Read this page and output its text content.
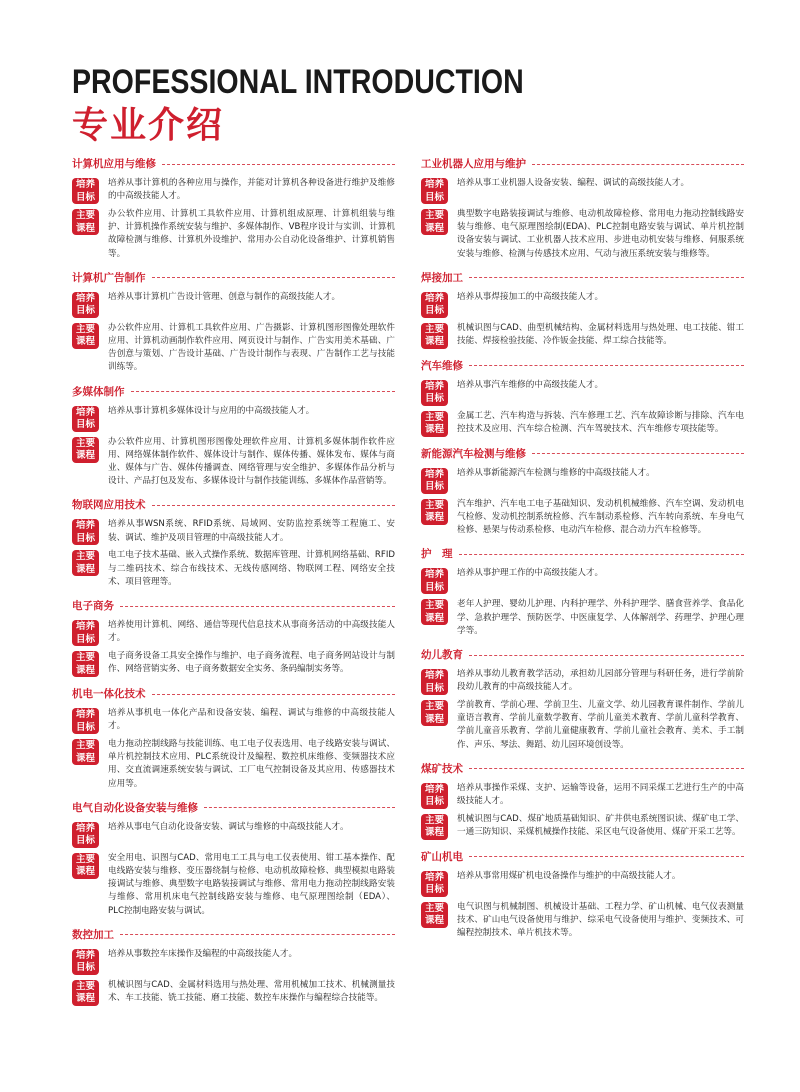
PROFESSIONAL INTRODUCTION
专业介绍
计算机应用与维修
培养
目标
培养从事计算机的各种应用与操作，并能对计算机各种设备进行维护及维修的中高级技能人才。
主要
课程
办公软件应用、计算机工具软件应用、计算机组成原理、计算机组装与维护、计算机操作系统安装与维护、多媒体制作、VB程序设计与实训、计算机故障检测与维修、计算机外设维护、常用办公自动化设备维护、计算机销售等。
计算机广告制作
培养
目标
培养从事计算机广告设计管理、创意与制作的高级技能人才。
主要
课程
办公软件应用、计算机工具软件应用、广告摄影、计算机图形图像处理软件应用、计算机动画制作软件应用、网页设计与制作、广告实用美术基础、广告创意与策划、广告设计基础、广告设计制作与表现、广告制作工艺与技能训练等。
多媒体制作
培养
目标
培养从事计算机多媒体设计与应用的中高级技能人才。
主要
课程
办公软件应用、计算机图形图像处理软件应用、计算机多媒体制作软件应用、网络媒体制作软件、媒体设计与制作、媒体传播、媒体发布、媒体与商业、媒体与广告、媒体传播调查、网络管理与安全维护、多媒体作品分析与设计、产品打包及发布、多媒体设计与制作技能训练、多媒体作品营销等。
物联网应用技术
培养
目标
培养从事WSN系统、RFID系统、局域网、安防监控系统等工程施工、安装、调试、维护及项目管理的中高级技能人才。
主要
课程
电工电子技术基础、嵌入式操作系统、数据库管理、计算机网络基础、RFID与二维码技术、综合布线技术、无线传感网络、物联网工程、网络安全技术、项目管理等。
电子商务
培养
目标
培养使用计算机、网络、通信等现代信息技术从事商务活动的中高级技能人才。
主要
课程
电子商务设备工具安全操作与维护、电子商务流程、电子商务网站设计与制作、网络营销实务、电子商务数据安全实务、条码编制实务等。
机电一体化技术
培养
目标
培养从事机电一体化产品和设备安装、编程、调试与维修的中高级技能人才。
主要
课程
电力拖动控制线路与技能训练、电工电子仪表选用、电子线路安装与调试、单片机控制技术应用、PLC系统设计及编程、数控机床维修、变频器技术应用、交直流调速系统安装与调试、工厂电气控制设备及其应用、传感器技术应用等。
电气自动化设备安装与维修
培养
目标
培养从事电气自动化设备安装、调试与维修的中高级技能人才。
主要
课程
安全用电、识图与CAD、常用电工工具与电工仪表使用、钳工基本操作、配电线路安装与维修、变压器绕制与检修、电动机故障检修、典型模拟电路装接调试与维修、典型数字电路装接调试与维修、常用电力拖动控制线路安装与维修、常用机床电气控制线路安装与维修、电气原理图绘制（EDA）、PLC控制电路安装与调试。
数控加工
培养
目标
培养从事数控车床操作及编程的中高级技能人才。
主要
课程
机械识图与CAD、金属材料选用与热处理、常用机械加工技术、机械测量技术、车工技能、铣工技能、磨工技能、数控车床操作与编程综合技能等。
工业机器人应用与维护
培养
目标
培养从事工业机器人设备安装、编程、调试的高级技能人才。
主要
课程
典型数字电路装接调试与维修、电动机故障检修、常用电力拖动控制线路安装与维修、电气原理图绘制(EDA)、PLC控制电路安装与调试、单片机控制设备安装与调试、工业机器人技术应用、步进电动机安装与维修、伺服系统安装与维修、检测与传感技术应用、气动与液压系统安装与维修等。
焊接加工
培养
目标
培养从事焊接加工的中高级技能人才。
主要
课程
机械识图与CAD、曲型机械结构、金属材料选用与热处理、电工技能、钳工技能、焊接检验技能、冷作钣金技能、焊工综合技能等。
汽车维修
培养
目标
培养从事汽车维修的中高级技能人才。
主要
课程
金属工艺、汽车构造与拆装、汽车修理工艺、汽车故障诊断与排除、汽车电控技术及应用、汽车综合检测、汽车驾驶技术、汽车维修专项技能等。
新能源汽车检测与维修
培养
目标
培养从事新能源汽车检测与维修的中高级技能人才。
主要
课程
汽车维护、汽车电工电子基础知识、发动机机械维修、汽车空调、发动机电气检修、发动机控制系统检修、汽车制动系检修、汽车转向系统、车身电气检修、悬架与传动系检修、电动汽车检修、混合动力汽车检修等。
护　理
培养
目标
培养从事护理工作的中高级技能人才。
主要
课程
老年人护理、婴幼儿护理、内科护理学、外科护理学、膳食营养学、食品化学、急救护理学、预防医学、中医康复学、人体解剖学、药理学、护理心理学等。
幼儿教育
培养
目标
培养从事幼儿教育教学活动，承担幼儿园部分管理与科研任务，进行学前阶段幼儿教育的中高级技能人才。
主要
课程
学前教育、学前心理、学前卫生、儿童文学、幼儿园教育课件制作、学前儿童语言教育、学前儿童数学教育、学前儿童美术教育、学前儿童科学教育、学前儿童音乐教育、学前儿童健康教育、学前儿童社会教育、美术、手工制作、声乐、琴法、舞蹈、幼儿园环境创设等。
煤矿技术
培养
目标
培养从事操作采煤、支护、运输等设备，运用不同采煤工艺进行生产的中高级技能人才。
主要
课程
机械识图与CAD、煤矿地质基础知识、矿井供电系统图识读、煤矿电工学、一通三防知识、采煤机械操作技能、采区电气设备使用、煤矿开采工艺等。
矿山机电
培养
目标
培养从事常用煤矿机电设备操作与维护的中高级技能人才。
主要
课程
电气识图与机械制图、机械设计基础、工程力学、矿山机械、电气仪表测量技术、矿山电气设备使用与维护、综采电气设备使用与维护、变频技术、可编程控制技术、单片机技术等。
